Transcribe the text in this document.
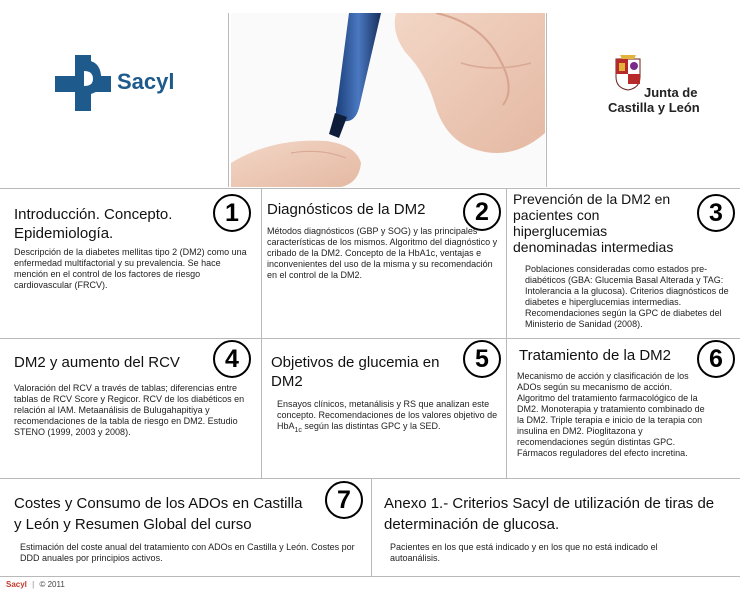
Sacyl	Junta de
Castilla y León
Introducción. Concepto. Epidemiología.
1
Descripción de la diabetes mellitas tipo 2 (DM2) como una enfermedad multifactorial y su prevalencia. Se hace mención en el control de los factores de riesgo cardiovascular (FRCV).
Diagnósticos de la DM2	2
Métodos diagnósticos (GBP y SOG) y las principales características de los mismos. Algoritmo del diagnóstico y cribado de la DM2. Concepto de la HbA1c, ventajas e inconvenientes del uso de la misma y su recomendación en el control de la DM2.
Prevención de la DM2 en pacientes con hiperglucemias denominadas intermedias
3
Poblaciones consideradas como estados pre-diabéticos (GBA: Glucemia Basal Alterada y TAG: Intolerancia a la glucosa). Criterios diagnósticos de diabetes e hiperglucemias intermedias. Recomendaciones según la GPC de diabetes del Ministerio de Sanidad (2008).
DM2 y aumento del RCV	4
Valoración del RCV a través de tablas; diferencias entre tablas de RCV Score y Regicor. RCV de los diabéticos en relación al IAM. Metaanálisis de Bulugahapitiya y recomendaciones de la tabla de riesgo en DM2. Estudio STENO (1999, 2003 y 2008).
Objetivos de glucemia en DM2
5
Ensayos clínicos, metanálisis y RS que analizan este concepto. Recomendaciones de los valores objetivo de HbA$_{1c}$ según las distintas GPC y la SED.
Tratamiento de la DM2	6
Mecanismo de acción y clasificación de los ADOs según su mecanismo de acción. Algoritmo del tratamiento farmacológico de la DM2. Monoterapia y tratamiento combinado de la DM2. Triple terapia e inicio de la terapia con insulina en DM2. Pioglitazona y recomendaciones según distintas GPC. Fármacos reguladores del efecto incretina.
Costes y Consumo de los ADOs en Castilla y León y Resumen Global del curso
7
Estimación del coste anual del tratamiento con ADOs en Castilla y León. Costes por DDD anuales por principios activos.
Anexo 1.- Criterios Sacyl de utilización de tiras de determinación de glucosa.
Pacientes en los que está indicado y en los que no está indicado el autoanálisis.
Sacyl | © 2011
